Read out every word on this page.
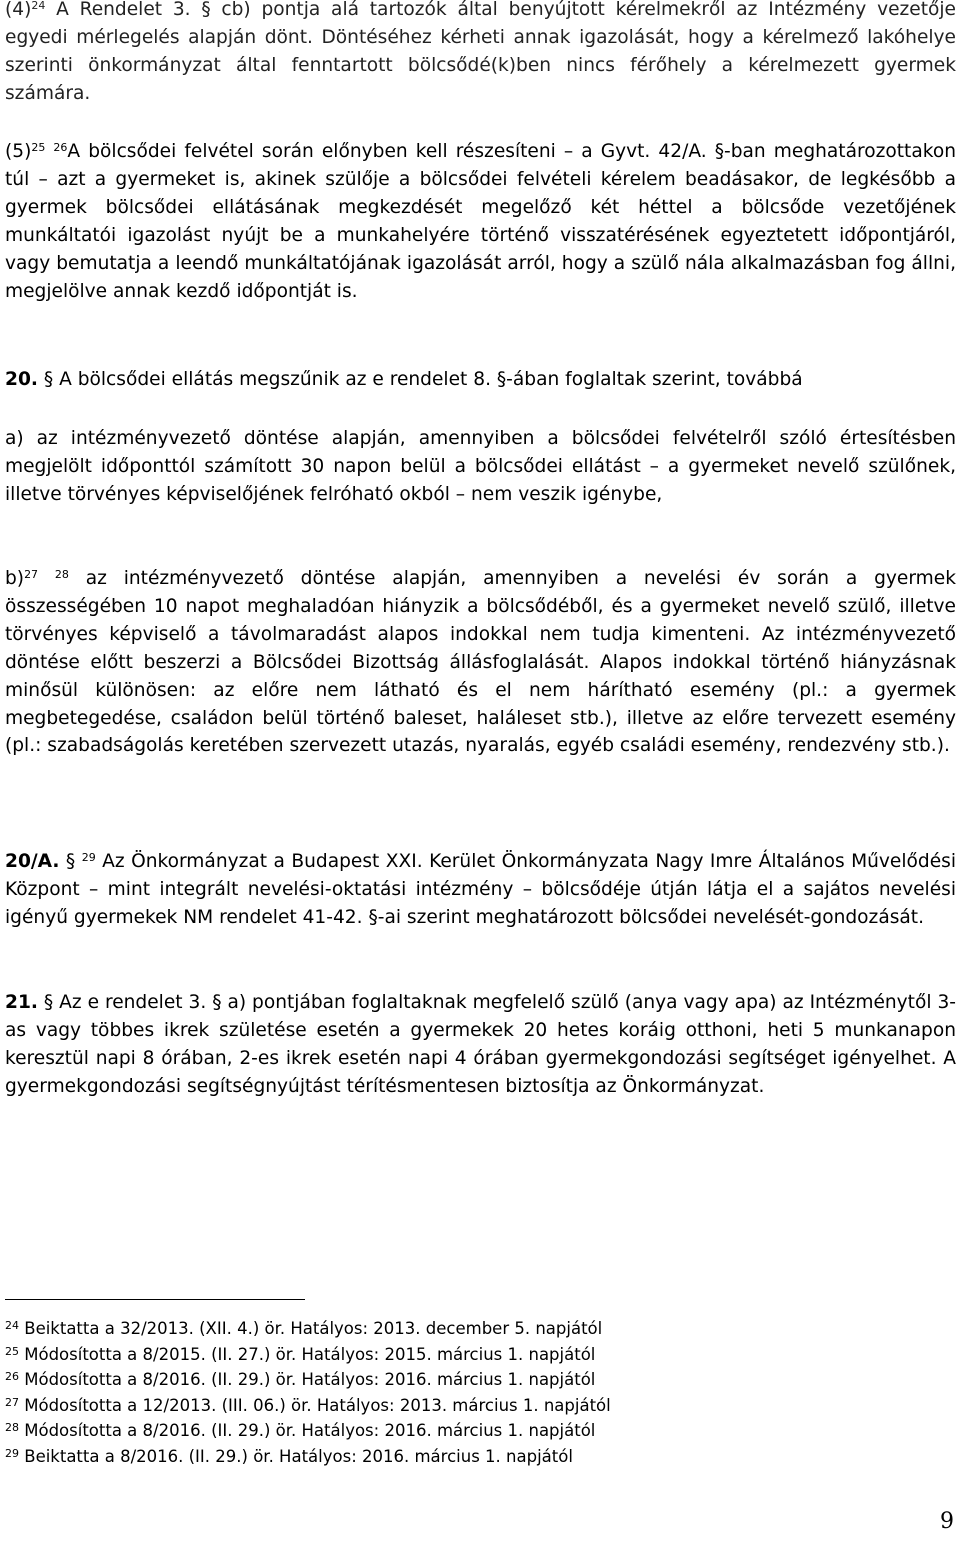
$(4)^{24}$ A Rendelet 3. § cb) pontja alá tartozók által benyújtott kérelmekről az Intézmény vezetője egyedi mérlegelés alapján dönt. Döntéséhez kérheti annak igazolását, hogy a kérelmező lakóhelye szerinti önkormányzat által fenntartott bölcsődé(k)ben nincs férőhely a kérelmezett gyermek számára.

$(5)^{25}$ $^{26}$A bölcsődei felvétel során előnyben kell részesíteni – a Gyvt. 42/A. §-ban meghatározottakon túl – azt a gyermeket is, akinek szülője a bölcsődei felvételi kérelem beadásakor, de legkésőbb a gyermek bölcsődei ellátásának megkezdését megelőző két héttel a bölcsőde vezetőjének munkáltatói igazolást nyújt be a munkahelyére történő visszatérésének egyeztetett időpontjáról, vagy bemutatja a leendő munkáltatójának igazolását arról, hogy a szülő nála alkalmazásban fog állni, megjelölve annak kezdő időpontját is.

20. § A bölcsődei ellátás megszűnik az e rendelet 8. §-ában foglaltak szerint, továbbá

a) az intézményvezető döntése alapján, amennyiben a bölcsődei felvételről szóló értesítésben megjelölt időponttól számított 30 napon belül a bölcsődei ellátást – a gyermeket nevelő szülőnek, illetve törvényes képviselőjének felróható okból – nem veszik igénybe,

b)$^{27}$ $^{28}$ az intézményvezető döntése alapján, amennyiben a nevelési év során a gyermek összességében 10 napot meghaladóan hiányzik a bölcsődéből, és a gyermeket nevelő szülő, illetve törvényes képviselő a távolmaradást alapos indokkal nem tudja kimenteni. Az intézményvezető döntése előtt beszerzi a Bölcsődei Bizottság állásfoglalását. Alapos indokkal történő hiányzásnak minősül különösen: az előre nem látható és el nem hárítható esemény (pl.: a gyermek megbetegedése, családon belül történő baleset, haláleset stb.), illetve az előre tervezett esemény (pl.: szabadságolás keretében szervezett utazás, nyaralás, egyéb családi esemény, rendezvény stb.).

20/A. § $^{29}$ Az Önkormányzat a Budapest XXI. Kerület Önkormányzata Nagy Imre Általános Művelődési Központ – mint integrált nevelési-oktatási intézmény – bölcsődéje útján látja el a sajátos nevelési igényű gyermekek NM rendelet 41-42. §-ai szerint meghatározott bölcsődei nevelését-gondozását.

21. § Az e rendelet 3. § a) pontjában foglaltaknak megfelelő szülő (anya vagy apa) az Intézménytől 3-as vagy többes ikrek születése esetén a gyermekek 20 hetes koráig otthoni, heti 5 munkanapon keresztül napi 8 órában, 2-es ikrek esetén napi 4 órában gyermekgondozási segítséget igényelhet. A gyermekgondozási segítségnyújtást térítésmentesen biztosítja az Önkormányzat.

$^{24}$ Beiktatta a 32/2013. (XII. 4.) ör. Hatályos: 2013. december 5. napjától
$^{25}$ Módosította a 8/2015. (II. 27.) ör. Hatályos: 2015. március 1. napjától
$^{26}$ Módosította a 8/2016. (II. 29.) ör. Hatályos: 2016. március 1. napjától
$^{27}$ Módosította a 12/2013. (III. 06.) ör. Hatályos: 2013. március 1. napjától
$^{28}$ Módosította a 8/2016. (II. 29.) ör. Hatályos: 2016. március 1. napjától
$^{29}$ Beiktatta a 8/2016. (II. 29.) ör. Hatályos: 2016. március 1. napjától
9
